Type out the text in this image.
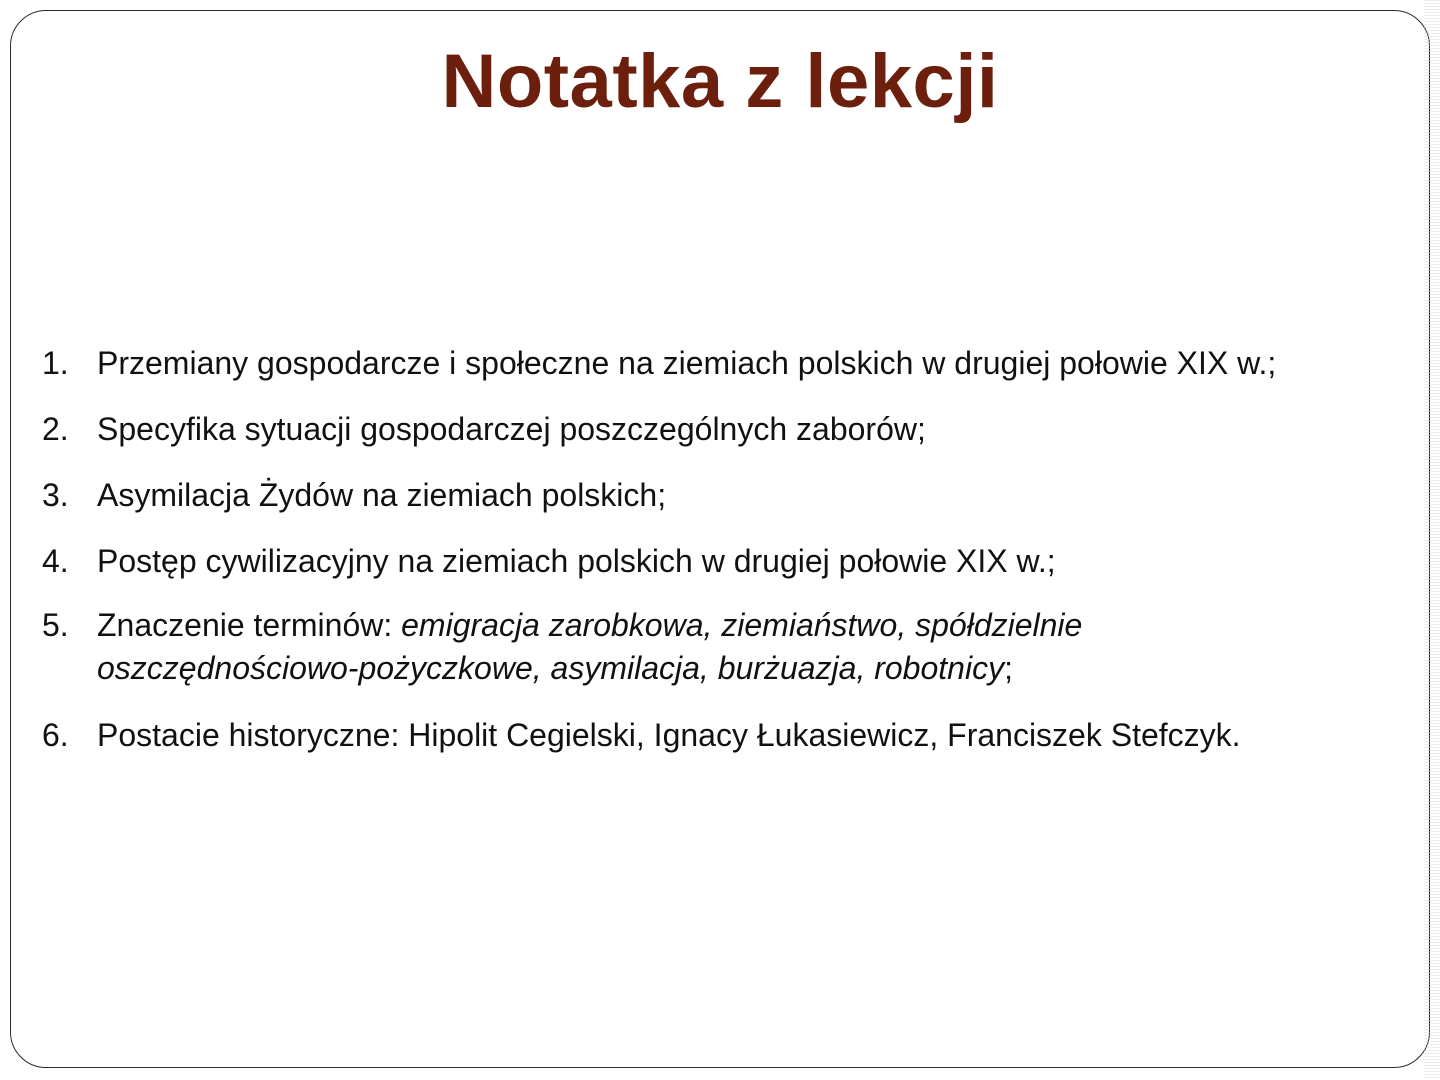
Notatka z lekcji
1. Przemiany gospodarcze i społeczne na ziemiach polskich w drugiej połowie XIX w.;
2. Specyfika sytuacji gospodarczej poszczególnych zaborów;
3. Asymilacja Żydów na ziemiach polskich;
4. Postęp cywilizacyjny na ziemiach polskich w drugiej połowie XIX w.;
5. Znaczenie terminów: emigracja zarobkowa, ziemiaństwo, spółdzielnie
oszczędnościowo-pożyczkowe, asymilacja, burżuazja, robotnicy;
6. Postacie historyczne: Hipolit Cegielski, Ignacy Łukasiewicz, Franciszek Stefczyk.
